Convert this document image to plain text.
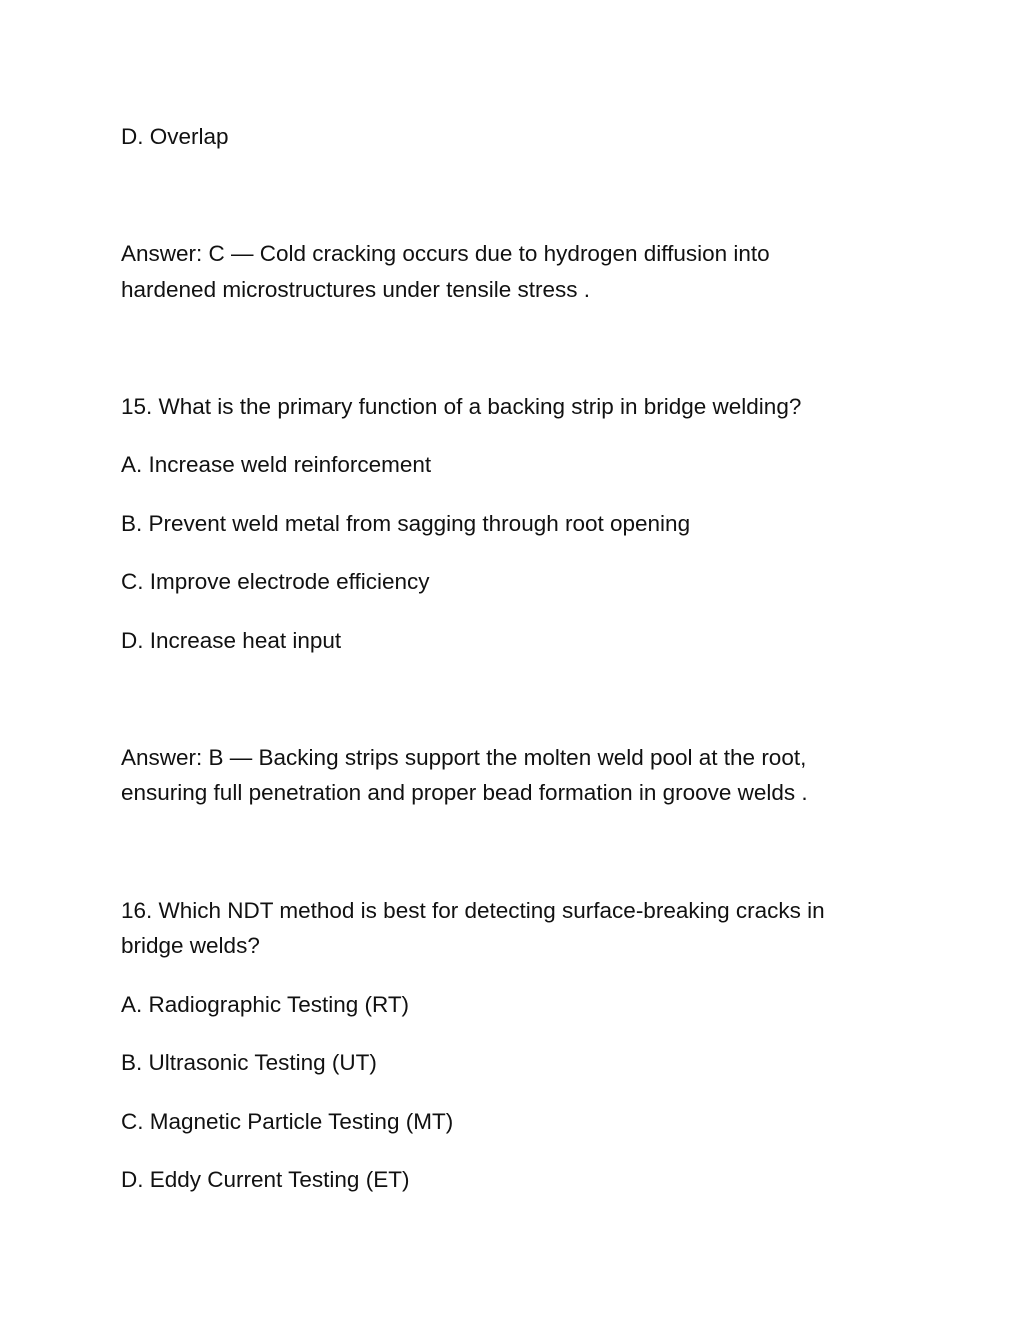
D. Overlap
Answer: C — Cold cracking occurs due to hydrogen diffusion into
hardened microstructures under tensile stress .
15. What is the primary function of a backing strip in bridge welding?
A. Increase weld reinforcement
B. Prevent weld metal from sagging through root opening
C. Improve electrode efficiency
D. Increase heat input
Answer: B — Backing strips support the molten weld pool at the root,
ensuring full penetration and proper bead formation in groove welds .
16. Which NDT method is best for detecting surface-breaking cracks in
bridge welds?
A. Radiographic Testing (RT)
B. Ultrasonic Testing (UT)
C. Magnetic Particle Testing (MT)
D. Eddy Current Testing (ET)
